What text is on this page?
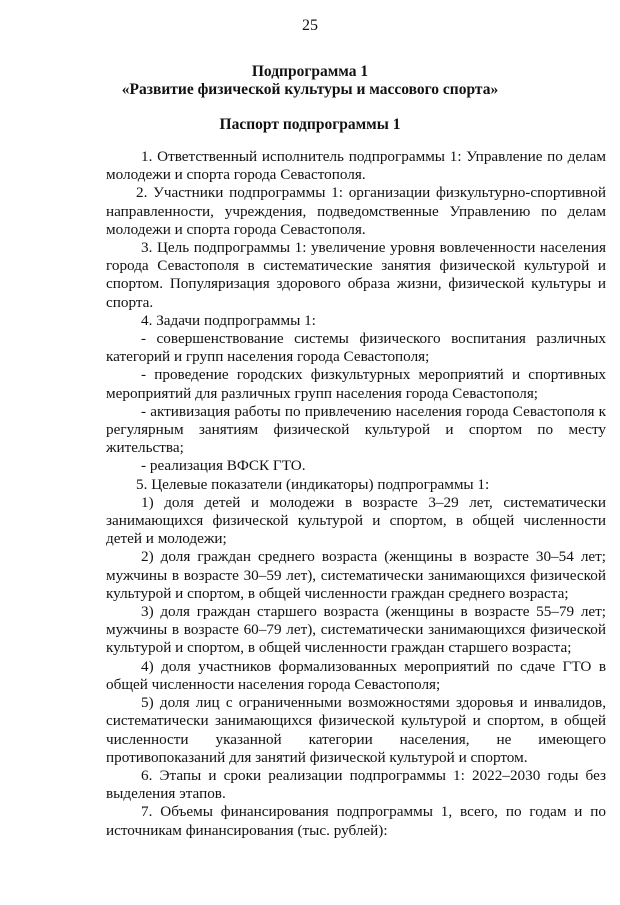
25
Подпрограмма 1
«Развитие физической культуры и массового спорта»
Паспорт подпрограммы 1

1. Ответственный исполнитель подпрограммы 1: Управление по делам молодежи и спорта города Севастополя.

2. Участники подпрограммы 1: организации физкультурно-спортивной направленности, учреждения, подведомственные Управлению по делам молодежи и спорта города Севастополя.

3. Цель подпрограммы 1: увеличение уровня вовлеченности населения города Севастополя в систематические занятия физической культурой и спортом. Популяризация здорового образа жизни, физической культуры и спорта.

4. Задачи подпрограммы 1:

- совершенствование системы физического воспитания различных категорий и групп населения города Севастополя;

- проведение городских физкультурных мероприятий и спортивных мероприятий для различных групп населения города Севастополя;

- активизация работы по привлечению населения города Севастополя к регулярным занятиям физической культурой и спортом по месту жительства;

- реализация ВФСК ГТО.

5. Целевые показатели (индикаторы) подпрограммы 1:

1) доля детей и молодежи в возрасте 3–29 лет, систематически занимающихся физической культурой и спортом, в общей численности детей и молодежи;

2) доля граждан среднего возраста (женщины в возрасте 30–54 лет; мужчины в возрасте 30–59 лет), систематически занимающихся физической культурой и спортом, в общей численности граждан среднего возраста;

3) доля граждан старшего возраста (женщины в возрасте 55–79 лет; мужчины в возрасте 60–79 лет), систематически занимающихся физической культурой и спортом, в общей численности граждан старшего возраста;

4) доля участников формализованных мероприятий по сдаче ГТО в общей численности населения города Севастополя;

5) доля лиц с ограниченными возможностями здоровья и инвалидов, систематически занимающихся физической культурой и спортом, в общей численности указанной категории населения, не имеющего противопоказаний для занятий физической культурой и спортом.

6. Этапы и сроки реализации подпрограммы 1: 2022–2030 годы без выделения этапов.

7. Объемы финансирования подпрограммы 1, всего, по годам и по источникам финансирования (тыс. рублей):
